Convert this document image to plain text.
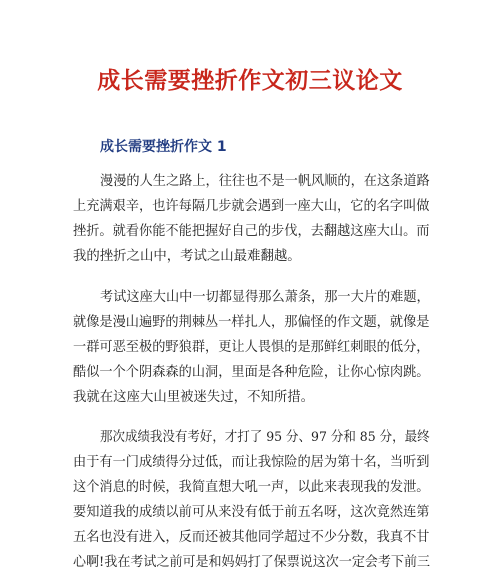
成长需要挫折作文初三议论文
成长需要挫折作文 1
漫漫的人生之路上，往往也不是一帆风顺的，在这条道路
上充满艰辛，也许每隔几步就会遇到一座大山，它的名字叫做
挫折。就看你能不能把握好自己的步伐，去翻越这座大山。而
我的挫折之山中，考试之山最难翻越。
考试这座大山中一切都显得那么萧条，那一大片的难题，
就像是漫山遍野的荆棘丛一样扎人，那偏怪的作文题，就像是
一群可恶至极的野狼群，更让人畏惧的是那鲜红刺眼的低分，
酷似一个个阴森森的山洞，里面是各种危险，让你心惊肉跳。
我就在这座大山里被迷失过，不知所措。
那次成绩我没有考好，才打了 95 分、97 分和 85 分，最终
由于有一门成绩得分过低，而让我惊险的居为第十名，当听到
这个消息的时候，我简直想大吼一声，以此来表现我的发泄。
要知道我的成绩以前可从来没有低于前五名呀，这次竟然连第
五名也没有进入，反而还被其他同学超过不少分数，我真不甘
心啊!我在考试之前可是和妈妈打了保票说这次一定会考下前三
